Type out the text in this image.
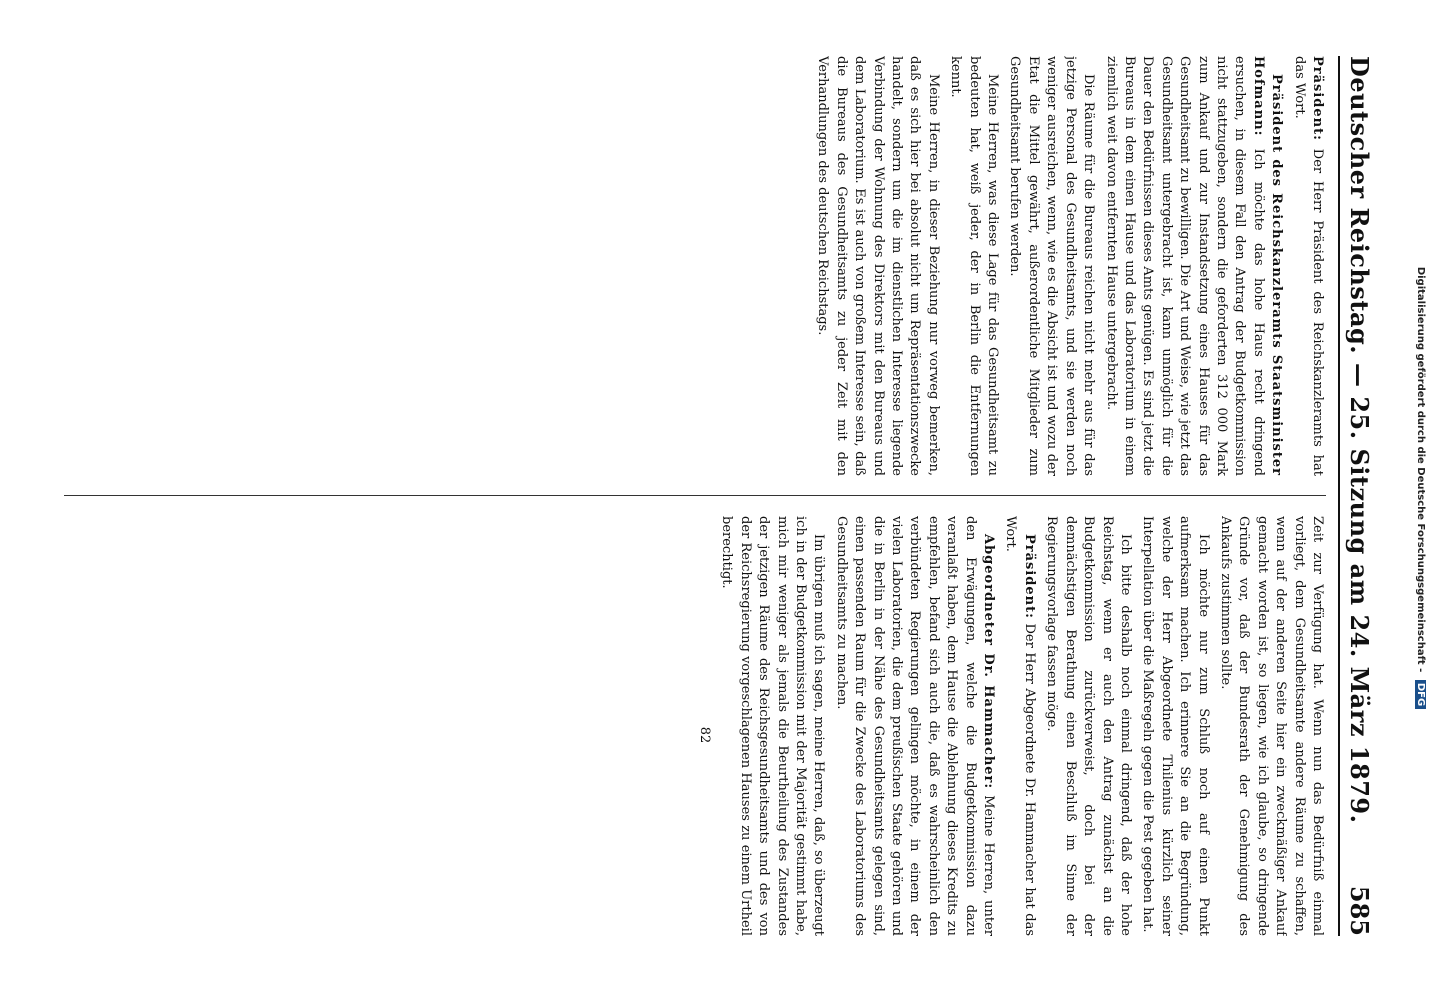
Deutscher Reichstag. — 25. Sitzung am 24. März 1879.
585

Präsident: Der Herr Präsident des Reichskanzleramts hat das Wort.

Präsident des Reichskanzleramts Staatsminister Hofmann: Ich möchte das hohe Haus recht dringend ersuchen, in diesem Fall den Antrag der Budgetkommission nicht stattzugeben, sondern die geforderten 312 000 Mark zum Ankauf und zur Instandsetzung eines Hauses für das Gesundheitsamt zu bewilligen. Die Art und Weise, wie jetzt das Gesundheitsamt untergebracht ist, kann unmöglich für die Dauer den Bedürfnissen dieses Amts genügen. Es sind jetzt die Bureaus in dem einen Hause und das Laboratorium in einem ziemlich weit davon entfernten Hause untergebracht.

Die Räume für die Bureaus reichen nicht mehr aus für das jetzige Personal des Gesundheitsamts, und sie werden noch weniger ausreichen, wenn, wie es die Absicht ist und wozu der Etat die Mittel gewährt, außerordentliche Mitglieder zum Gesundheitsamt berufen werden.

Meine Herren, was diese Lage für das Gesundheitsamt zu bedeuten hat, weiß jeder, der in Berlin die Entfernungen kennt.

Meine Herren, in dieser Beziehung nur vorweg bemerken, daß es sich hier bei absolut nicht um Repräsentationszwecke handelt, sondern um die im dienstlichen Interesse liegende Verbindung der Wohnung des Direktors mit den Bureaus und dem Laboratorium. Es ist auch von großem Interesse sein, daß die Bureaus des Gesundheitsamts zu jeder Zeit mit den Verhandlungen des deutschen Reichstags.

Zeit zur Verfügung hat. Wenn nun das Bedürfniß einmal vorliegt, dem Gesundheitsamte andere Räume zu schaffen, wenn auf der anderen Seite hier ein zweckmäßiger Ankauf gemacht worden ist, so liegen, wie ich glaube, so dringende Gründe vor, daß der Bundesrath der Genehmigung des Ankaufs zustimmen sollte.

Ich möchte nur zum Schluß noch auf einen Punkt aufmerksam machen. Ich erinnere Sie an die Begründung, welche der Herr Abgeordnete Thilenius kürzlich seiner Interpellation über die Maßregeln gegen die Pest gegeben hat.

Ich bitte deshalb noch einmal dringend, daß der hohe Reichstag, wenn er auch den Antrag zunächst an die Budgetkommission zurückverweist, doch bei der demnächstigen Berathung einen Beschluß im Sinne der Regierungsvorlage fassen möge.

Präsident: Der Herr Abgeordnete Dr. Hammacher hat das Wort.

Abgeordneter Dr. Hammacher: Meine Herren, unter den Erwägungen, welche die Budgetkommission dazu veranlaßt haben, dem Hause die Ablehnung dieses Kredits zu empfehlen, befand sich auch die, daß es wahrscheinlich den verbündeten Regierungen gelingen möchte, in einem der vielen Laboratorien, die dem preußischen Staate gehören und die in Berlin in der Nähe des Gesundheitsamts gelegen sind, einen passenden Raum für die Zwecke des Laboratoriums des Gesundheitsamts zu machen.

Im übrigen muß ich sagen, meine Herren, daß, so überzeugt ich in der Budgetkommission mit der Majorität gestimmt habe, mich mir weniger als jemals die Beurtheilung des Zustandes der jetzigen Räume des Reichsgesundheitsamts und des von der Reichsregierung vorgeschlagenen Hauses zu einem Urtheil berechtigt.

82

Digitalisierung gefördert durch die Deutsche Forschungsgemeinschaft - DFG
